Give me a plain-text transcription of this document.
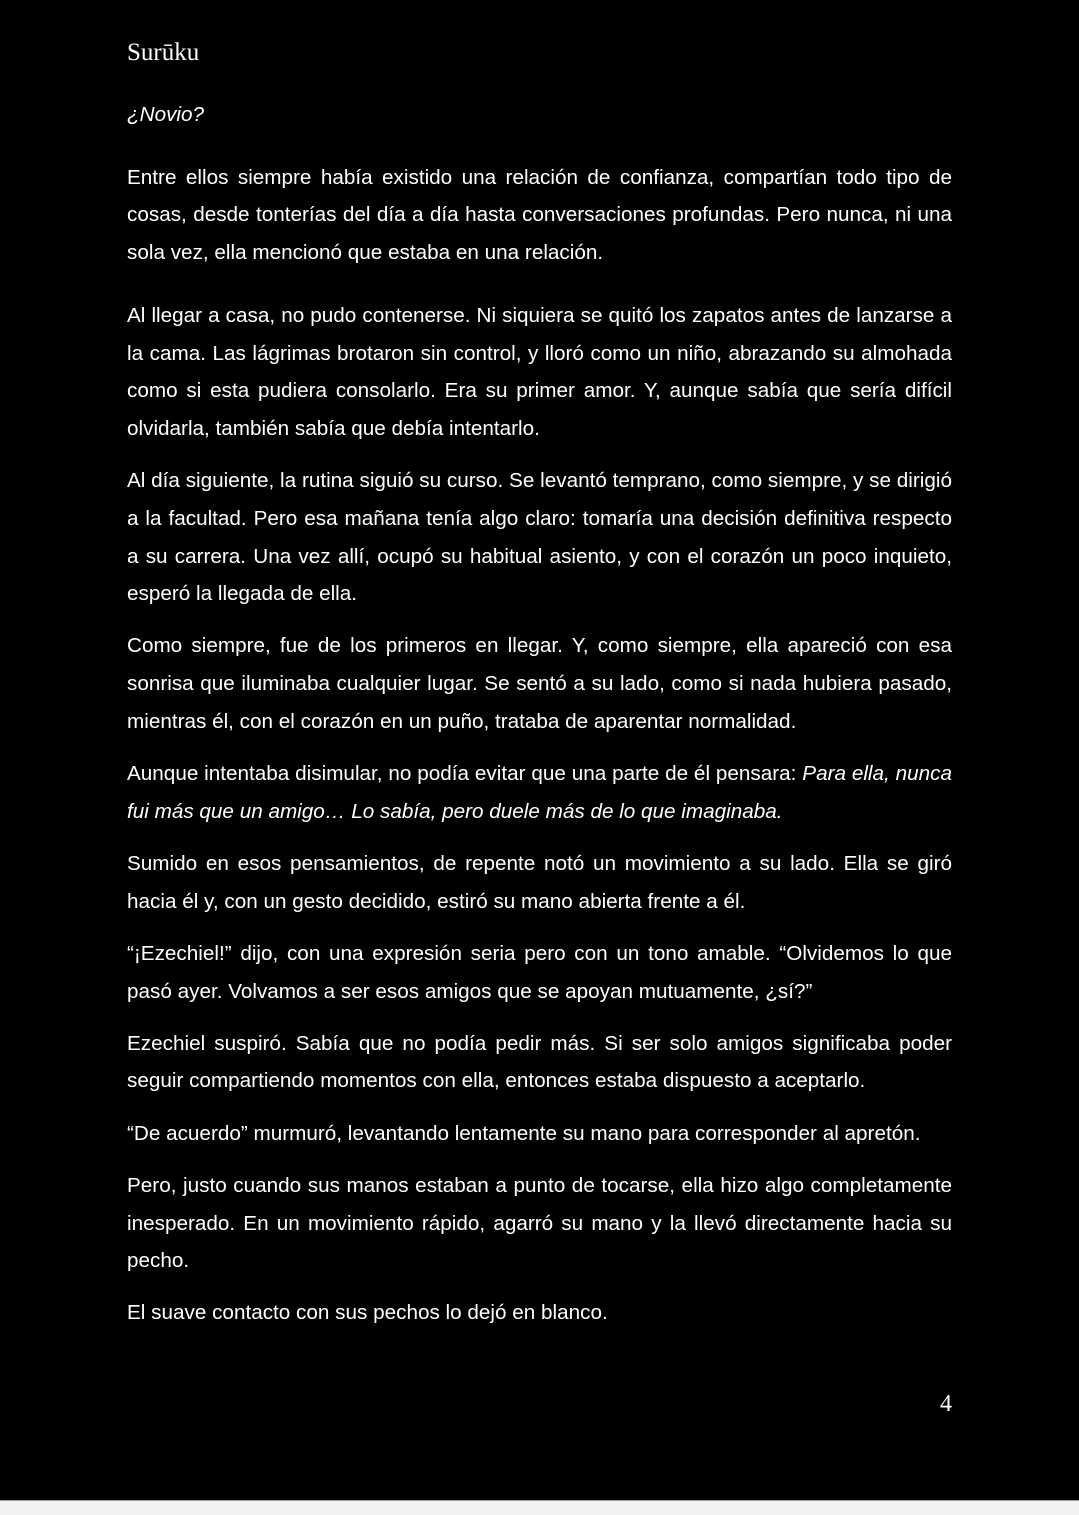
Surūku

¿Novio?

Entre ellos siempre había existido una relación de confianza, compartían todo tipo de cosas, desde tonterías del día a día hasta conversaciones profundas. Pero nunca, ni una sola vez, ella mencionó que estaba en una relación.

Al llegar a casa, no pudo contenerse. Ni siquiera se quitó los zapatos antes de lanzarse a la cama. Las lágrimas brotaron sin control, y lloró como un niño, abrazando su almohada como si esta pudiera consolarlo. Era su primer amor. Y, aunque sabía que sería difícil olvidarla, también sabía que debía intentarlo.

Al día siguiente, la rutina siguió su curso. Se levantó temprano, como siempre, y se dirigió a la facultad. Pero esa mañana tenía algo claro: tomaría una decisión definitiva respecto a su carrera. Una vez allí, ocupó su habitual asiento, y con el corazón un poco inquieto, esperó la llegada de ella.

Como siempre, fue de los primeros en llegar. Y, como siempre, ella apareció con esa sonrisa que iluminaba cualquier lugar. Se sentó a su lado, como si nada hubiera pasado, mientras él, con el corazón en un puño, trataba de aparentar normalidad.

Aunque intentaba disimular, no podía evitar que una parte de él pensara: Para ella, nunca fui más que un amigo… Lo sabía, pero duele más de lo que imaginaba.

Sumido en esos pensamientos, de repente notó un movimiento a su lado. Ella se giró hacia él y, con un gesto decidido, estiró su mano abierta frente a él.

“¡Ezechiel!” dijo, con una expresión seria pero con un tono amable. “Olvidemos lo que pasó ayer. Volvamos a ser esos amigos que se apoyan mutuamente, ¿sí?”

Ezechiel suspiró. Sabía que no podía pedir más. Si ser solo amigos significaba poder seguir compartiendo momentos con ella, entonces estaba dispuesto a aceptarlo.

“De acuerdo” murmuró, levantando lentamente su mano para corresponder al apretón.

Pero, justo cuando sus manos estaban a punto de tocarse, ella hizo algo completamente inesperado. En un movimiento rápido, agarró su mano y la llevó directamente hacia su pecho.

El suave contacto con sus pechos lo dejó en blanco.

4
